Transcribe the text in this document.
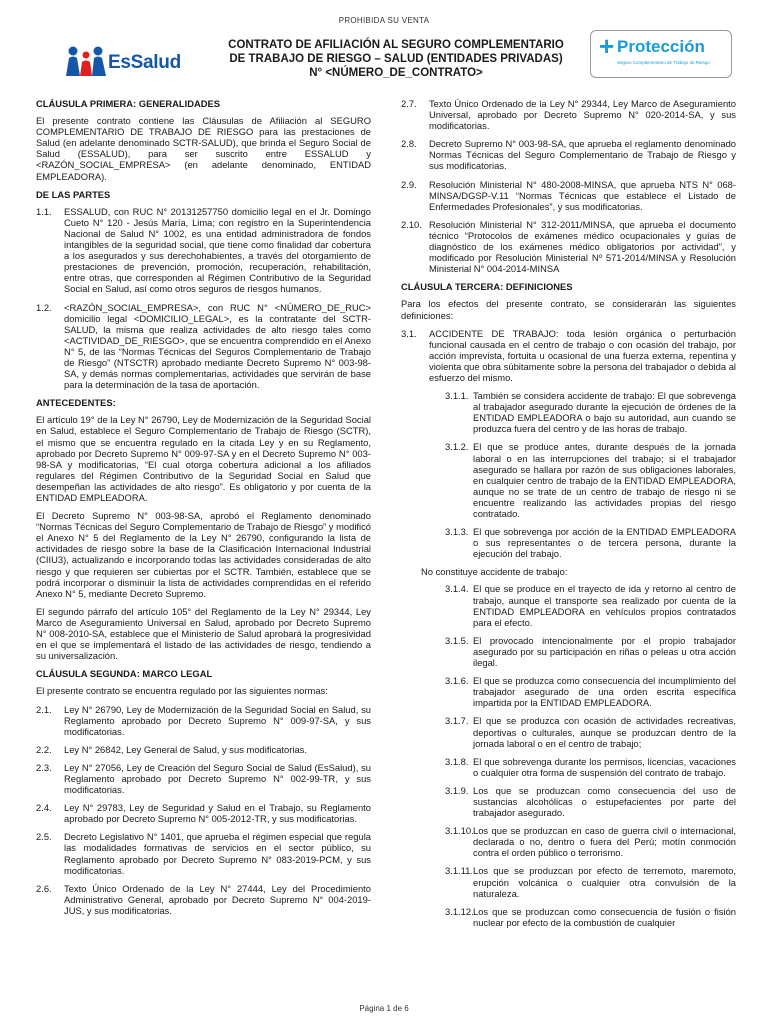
PROHIBIDA SU VENTA
EsSalud
CONTRATO DE AFILIACIÓN AL SEGURO COMPLEMENTARIO
DE TRABAJO DE RIESGO – SALUD (ENTIDADES PRIVADAS)
N° <NÚMERO_DE_CONTRATO>
+ Protección
Seguro Complementario de Trabajo de Riesgo
CLÁUSULA PRIMERA: GENERALIDADES

El presente contrato contiene las Cláusulas de Afiliación al SEGURO COMPLEMENTARIO DE TRABAJO DE RIESGO para las prestaciones de Salud (en adelante denominado SCTR-SALUD), que brinda el Seguro Social de Salud (ESSALUD), para ser suscrito entre ESSALUD y <RAZÓN_SOCIAL_EMPRESA> (en adelante denominado, ENTIDAD EMPLEADORA).

DE LAS PARTES
1.1. ESSALUD, con RUC N° 20131257750 domicilio legal en el Jr. Domingo Cueto N° 120 - Jesús María, Lima; con registro en la Superintendencia Nacional de Salud N° 1002, es una entidad administradora de fondos intangibles de la seguridad social, que tiene como finalidad dar cobertura a los asegurados y sus derechohabientes, a través del otorgamiento de prestaciones de prevención, promoción, recuperación, rehabilitación, entre otras, que corresponden al Régimen Contributivo de la Seguridad Social en Salud, así como otros seguros de riesgos humanos.
1.2. <RAZÓN_SOCIAL_EMPRESA>, con RUC N° <NÚMERO_DE_RUC> domicilio legal <DOMICILIO_LEGAL>, es la contratante del SCTR-SALUD, la misma que realiza actividades de alto riesgo tales como <ACTIVIDAD_DE_RIESGO>, que se encuentra comprendido en el Anexo N° 5, de las “Normas Técnicas del Seguros Complementario de Trabajo de Riesgo” (NTSCTR) aprobado mediante Decreto Supremo N° 003-98-SA, y demás normas complementarias, actividades que servirán de base para la determinación de la tasa de aportación.
ANTECEDENTES:

El artículo 19° de la Ley N° 26790, Ley de Modernización de la Seguridad Social en Salud, establece el Seguro Complementario de Trabajo de Riesgo (SCTR), el mismo que se encuentra regulado en la citada Ley y en su Reglamento, aprobado por Decreto Supremo N° 009-97-SA y en el Decreto Supremo N° 003-98-SA y modificatorias, “El cual otorga cobertura adicional a los afiliados regulares del Régimen Contributivo de la Seguridad Social en Salud que desempeñan las actividades de alto riesgo”. Es obligatorio y por cuenta de la ENTIDAD EMPLEADORA.

El Decreto Supremo N° 003-98-SA, aprobó el Reglamento denominado “Normas Técnicas del Seguro Complementario de Trabajo de Riesgo” y modificó el Anexo N° 5 del Reglamento de la Ley N° 26790, configurando la lista de actividades de riesgo sobre la base de la Clasificación Internacional Industrial (CIIU3), actualizando e incorporando todas las actividades consideradas de alto riesgo y que requieren ser cubiertas por el SCTR. También, establece que se podrá incorporar o disminuir la lista de actividades comprendidas en el referido Anexo N° 5, mediante Decreto Supremo.

El segundo párrafo del artículo 105° del Reglamento de la Ley N° 29344, Ley Marco de Aseguramiento Universal en Salud, aprobado por Decreto Supremo N° 008-2010-SA, establece que el Ministerio de Salud aprobará la progresividad en el que se implementará el listado de las actividades de riesgo, tendiendo a su universalización.

CLÁUSULA SEGUNDA: MARCO LEGAL

El presente contrato se encuentra regulado por las siguientes normas:

2.1. Ley N° 26790, Ley de Modernización de la Seguridad Social en Salud, su Reglamento aprobado por Decreto Supremo N° 009-97-SA, y sus modificatorias.
2.2. Ley N° 26842, Ley General de Salud, y sus modificatorias.
2.3. Ley N° 27056, Ley de Creación del Seguro Social de Salud (EsSalud), su Reglamento aprobado por Decreto Supremo N° 002-99-TR, y sus modificatorias.
2.4. Ley N° 29783, Ley de Seguridad y Salud en el Trabajo, su Reglamento aprobado por Decreto Supremo N° 005-2012-TR, y sus modificatorias.
2.5. Decreto Legislativo N° 1401, que aprueba el régimen especial que regula las modalidades formativas de servicios en el sector público, su Reglamento aprobado por Decreto Supremo N° 083-2019-PCM, y sus modificatorias.
2.6. Texto Único Ordenado de la Ley N° 27444, Ley del Procedimiento Administrativo General, aprobado por Decreto Supremo N° 004-2019-JUS, y sus modificatorias.
2.7. Texto Único Ordenado de la Ley N° 29344, Ley Marco de Aseguramiento Universal, aprobado por Decreto Supremo N° 020-2014-SA, y sus modificatorias.
2.8. Decreto Supremo N° 003-98-SA, que aprueba el reglamento denominado Normas Técnicas del Seguro Complementario de Trabajo de Riesgo y sus modificatorias.
2.9. Resolución Ministerial N° 480-2008-MINSA, que aprueba NTS N° 068-MINSA/DGSP-V.11 “Normas Técnicas que establece el Listado de Enfermedades Profesionales”, y sus modificatorias.
2.10. Resolución Ministerial N° 312-2011/MINSA, que aprueba el documento técnico “Protocolos de exámenes médico ocupacionales y guías de diagnóstico de los exámenes médico obligatorios por actividad”, y modificado por Resolución Ministerial Nº 571-2014/MINSA y Resolución Ministerial N° 004-2014-MINSA
CLÁUSULA TERCERA: DEFINICIONES

Para los efectos del presente contrato, se considerarán las siguientes definiciones:

3.1. ACCIDENTE DE TRABAJO: toda lesión orgánica o perturbación funcional causada en el centro de trabajo o con ocasión del trabajo, por acción imprevista, fortuita u ocasional de una fuerza externa, repentina y violenta que obra súbitamente sobre la persona del trabajador o debida al esfuerzo del mismo.
3.1.1. También se considera accidente de trabajo: El que sobrevenga al trabajador asegurado durante la ejecución de órdenes de la ENTIDAD EMPLEADORA o bajo su autoridad, aun cuando se produzca fuera del centro y de las horas de trabajo.
3.1.2. El que se produce antes, durante después de la jornada laboral o en las interrupciones del trabajo; si el trabajador asegurado se hallara por razón de sus obligaciones laborales, en cualquier centro de trabajo de la ENTIDAD EMPLEADORA, aunque no se trate de un centro de trabajo de riesgo ni se encuentre realizando las actividades propias del riesgo contratado.
3.1.3. El que sobrevenga por acción de la ENTIDAD EMPLEADORA o sus representantes o de tercera persona, durante la ejecución del trabajo.
No constituye accidente de trabajo:
3.1.4. El que se produce en el trayecto de ida y retorno al centro de trabajo, aunque el transporte sea realizado por cuenta de la ENTIDAD EMPLEADORA en vehículos propios contratados para el efecto.
3.1.5. El provocado intencionalmente por el propio trabajador asegurado por su participación en riñas o peleas u otra acción ilegal.
3.1.6. El que se produzca como consecuencia del incumplimiento del trabajador asegurado de una orden escrita específica impartida por la ENTIDAD EMPLEADORA.
3.1.7. El que se produzca con ocasión de actividades recreativas, deportivas o culturales, aunque se produzcan dentro de la jornada laboral o en el centro de trabajo;
3.1.8. El que sobrevenga durante los permisos, licencias, vacaciones o cualquier otra forma de suspensión del contrato de trabajo.
3.1.9. Los que se produzcan como consecuencia del uso de sustancias alcohólicas o estupefacientes por parte del trabajador asegurado.
3.1.10. Los que se produzcan en caso de guerra civil o internacional, declarada o no, dentro o fuera del Perú; motín conmoción contra el orden público o terrorismo.
3.1.11. Los que se produzcan por efecto de terremoto, maremoto, erupción volcánica o cualquier otra convulsión de la naturaleza.
3.1.12. Los que se produzcan como consecuencia de fusión o fisión nuclear por efecto de la combustión de cualquier
Página 1 de 6
